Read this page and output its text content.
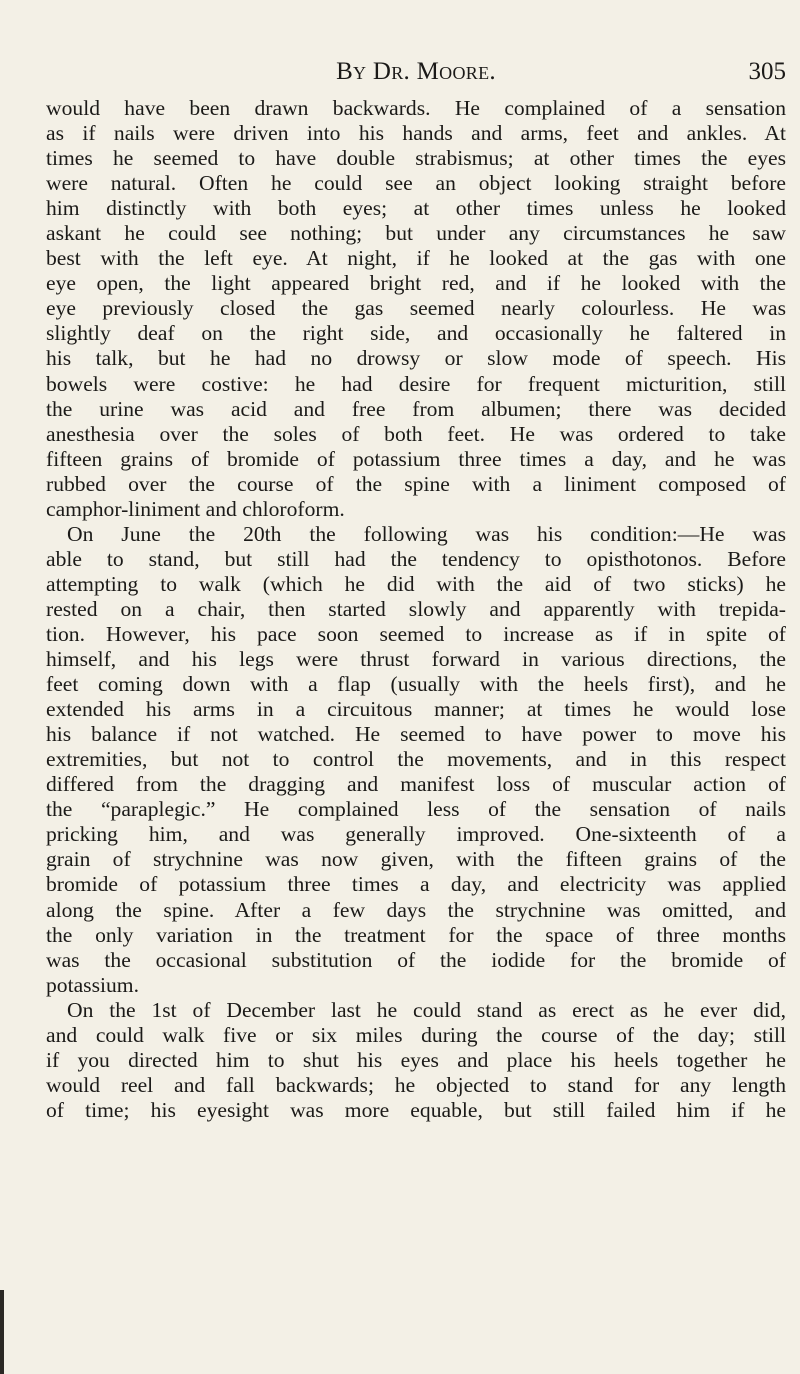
By Dr. Moore.	305
would have been drawn backwards. He complained of a sensation
as if nails were driven into his hands and arms, feet and ankles. At
times he seemed to have double strabismus; at other times the eyes
were natural. Often he could see an object looking straight before
him distinctly with both eyes; at other times unless he looked
askant he could see nothing; but under any circumstances he saw
best with the left eye. At night, if he looked at the gas with one
eye open, the light appeared bright red, and if he looked with the
eye previously closed the gas seemed nearly colourless. He was
slightly deaf on the right side, and occasionally he faltered in
his talk, but he had no drowsy or slow mode of speech. His
bowels were costive: he had desire for frequent micturition, still
the urine was acid and free from albumen; there was decided
anesthesia over the soles of both feet. He was ordered to take
fifteen grains of bromide of potassium three times a day, and he was
rubbed over the course of the spine with a liniment composed of
camphor-liniment and chloroform.
On June the 20th the following was his condition:—He was
able to stand, but still had the tendency to opisthotonos. Before
attempting to walk (which he did with the aid of two sticks) he
rested on a chair, then started slowly and apparently with trepida-
tion. However, his pace soon seemed to increase as if in spite of
himself, and his legs were thrust forward in various directions, the
feet coming down with a flap (usually with the heels first), and he
extended his arms in a circuitous manner; at times he would lose
his balance if not watched. He seemed to have power to move his
extremities, but not to control the movements, and in this respect
differed from the dragging and manifest loss of muscular action of
the “paraplegic.” He complained less of the sensation of nails
pricking him, and was generally improved. One-sixteenth of a
grain of strychnine was now given, with the fifteen grains of the
bromide of potassium three times a day, and electricity was applied
along the spine. After a few days the strychnine was omitted, and
the only variation in the treatment for the space of three months
was the occasional substitution of the iodide for the bromide of
potassium.
On the 1st of December last he could stand as erect as he ever did,
and could walk five or six miles during the course of the day; still
if you directed him to shut his eyes and place his heels together he
would reel and fall backwards; he objected to stand for any length
of time; his eyesight was more equable, but still failed him if he
